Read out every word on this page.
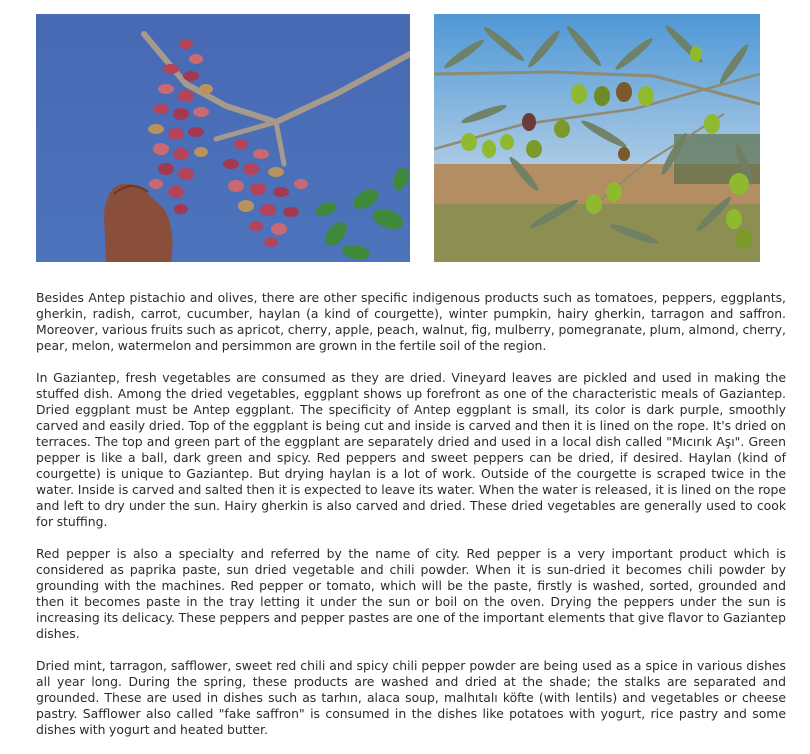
Besides Antep pistachio and olives, there are other specific indigenous products such as tomatoes, peppers, eggplants, gherkin, radish, carrot, cucumber, haylan (a kind of courgette), winter pumpkin, hairy gherkin, tarragon and saffron. Moreover, various fruits such as apricot, cherry, apple, peach, walnut, fig, mulberry, pomegranate, plum, almond, cherry, pear, melon, watermelon and persimmon are grown in the fertile soil of the region.

In Gaziantep, fresh vegetables are consumed as they are dried. Vineyard leaves are pickled and used in making the stuffed dish. Among the dried vegetables, eggplant shows up forefront as one of the characteristic meals of Gaziantep. Dried eggplant must be Antep eggplant. The specificity of Antep eggplant is small, its color is dark purple, smoothly carved and easily dried. Top of the eggplant is being cut and inside is carved and then it is lined on the rope. It's dried on terraces. The top and green part of the eggplant are separately dried and used in a local dish called "Mıcırık Aşı". Green pepper is like a ball, dark green and spicy. Red peppers and sweet peppers can be dried, if desired. Haylan (kind of courgette) is unique to Gaziantep. But drying haylan is a lot of work. Outside of the courgette is scraped twice in the water. Inside is carved and salted then it is expected to leave its water. When the water is released, it is lined on the rope and left to dry under the sun. Hairy gherkin is also carved and dried. These dried vegetables are generally used to cook for stuffing.

Red pepper is also a specialty and referred by the name of city. Red pepper is a very important product which is considered as paprika paste, sun dried vegetable and chili powder. When it is sun-dried it becomes chili powder by grounding with the machines. Red pepper or tomato, which will be the paste, firstly is washed, sorted, grounded and then it becomes paste in the tray letting it under the sun or boil on the oven. Drying the peppers under the sun is increasing its delicacy. These peppers and pepper pastes are one of the important elements that give flavor to Gaziantep dishes.

Dried mint, tarragon, safflower, sweet red chili and spicy chili pepper powder are being used as a spice in various dishes all year long. During the spring, these products are washed and dried at the shade; the stalks are separated and grounded. These are used in dishes such as tarhın, alaca soup, malhıtalı köfte (with lentils) and vegetables or cheese pastry. Safflower also called "fake saffron" is consumed in the dishes like potatoes with yogurt, rice pastry and some dishes with yogurt and heated butter.
